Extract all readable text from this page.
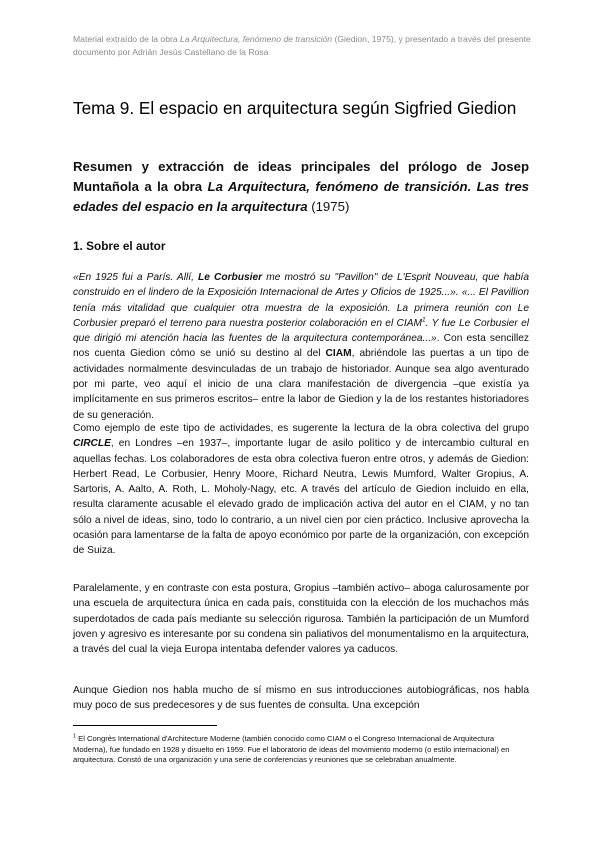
Material extraído de la obra La Arquitectura, fenómeno de transición (Giedion, 1975), y presentado a través del presente documento por Adrián Jesús Castellano de la Rosa
Tema 9. El espacio en arquitectura según Sigfried Giedion
Resumen y extracción de ideas principales del prólogo de Josep Muntañola a la obra La Arquitectura, fenómeno de transición. Las tres edades del espacio en la arquitectura (1975)
1. Sobre el autor

«En 1925 fui a París. Allí, Le Corbusier me mostró su "Pavillon" de L'Esprit Nouveau, que había construido en el lindero de la Exposición Internacional de Artes y Oficios de 1925...». «... El Pavillion tenía más vitalidad que cualquier otra muestra de la exposición. La primera reunión con Le Corbusier preparó el terreno para nuestra posterior colaboración en el CIAM$^1$. Y fue Le Corbusier el que dirigió mi atención hacia las fuentes de la arquitectura contemporánea...». Con esta sencillez nos cuenta Giedion cómo se unió su destino al del CIAM, abriéndole las puertas a un tipo de actividades normalmente desvinculadas de un trabajo de historiador. Aunque sea algo aventurado por mi parte, veo aquí el inicio de una clara manifestación de divergencia –que existía ya implícitamente en sus primeros escritos– entre la labor de Giedion y la de los restantes historiadores de su generación.

Como ejemplo de este tipo de actividades, es sugerente la lectura de la obra colectiva del grupo CIRCLE, en Londres –en 1937–, importante lugar de asilo político y de intercambio cultural en aquellas fechas. Los colaboradores de esta obra colectiva fueron entre otros, y además de Giedion: Herbert Read, Le Corbusier, Henry Moore, Richard Neutra, Lewis Mumford, Walter Gropius, A. Sartoris, A. Aalto, A. Roth, L. Moholy-Nagy, etc. A través del artículo de Giedion incluido en ella, resulta claramente acusable el elevado grado de implicación activa del autor en el CIAM, y no tan sólo a nivel de ideas, sino, todo lo contrario, a un nivel cien por cien práctico. Inclusive aprovecha la ocasión para lamentarse de la falta de apoyo económico por parte de la organización, con excepción de Suiza.

Paralelamente, y en contraste con esta postura, Gropius –también activo– aboga calurosamente por una escuela de arquitectura única en cada país, constituida con la elección de los muchachos más superdotados de cada país mediante su selección rigurosa. También la participación de un Mumford joven y agresivo es interesante por su condena sin paliativos del monumentalismo en la arquitectura, a través del cual la vieja Europa intentaba defender valores ya caducos.

Aunque Giedion nos habla mucho de sí mismo en sus introducciones autobiográficas, nos habla muy poco de sus predecesores y de sus fuentes de consulta. Una excepción

$^1$ El Congrès International d'Architecture Moderne (también conocido como CIAM o el Congreso Internacional de Arquitectura Moderna), fue fundado en 1928 y disuelto en 1959. Fue el laboratorio de ideas del movimiento moderno (o estilo internacional) en arquitectura. Constó de una organización y una serie de conferencias y reuniones que se celebraban anualmente.
